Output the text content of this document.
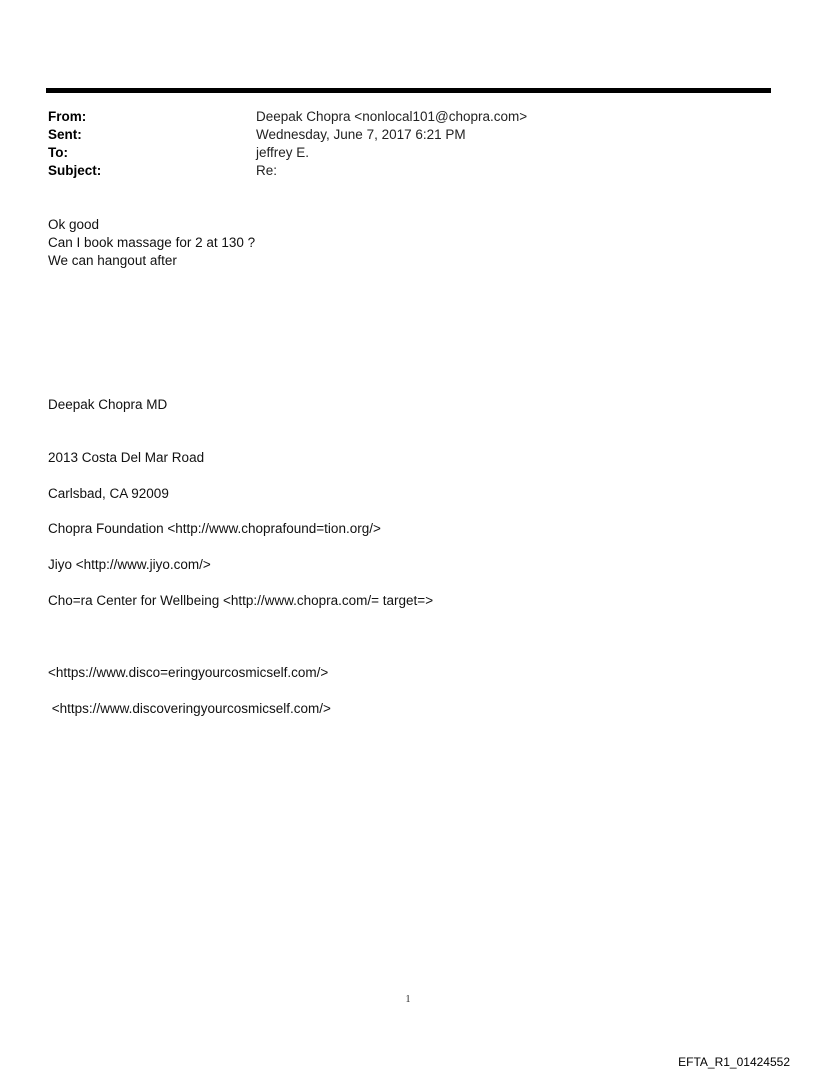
From:	Deepak Chopra <nonlocal101@chopra.com>
Sent:	Wednesday, June 7, 2017 6:21 PM
To:	jeffrey E.
Subject:	Re:
Ok good
Can I book massage for 2 at 130 ?
We can hangout after
Deepak Chopra MD
2013 Costa Del Mar Road
Carlsbad, CA 92009
Chopra Foundation <http://www.choprafound=tion.org/>
Jiyo <http://www.jiyo.com/>
Cho=ra Center for Wellbeing <http://www.chopra.com/= target=>
<https://www.disco=eringyourcosmicself.com/>
<https://www.discoveringyourcosmicself.com/>
1
EFTA_R1_01424552
